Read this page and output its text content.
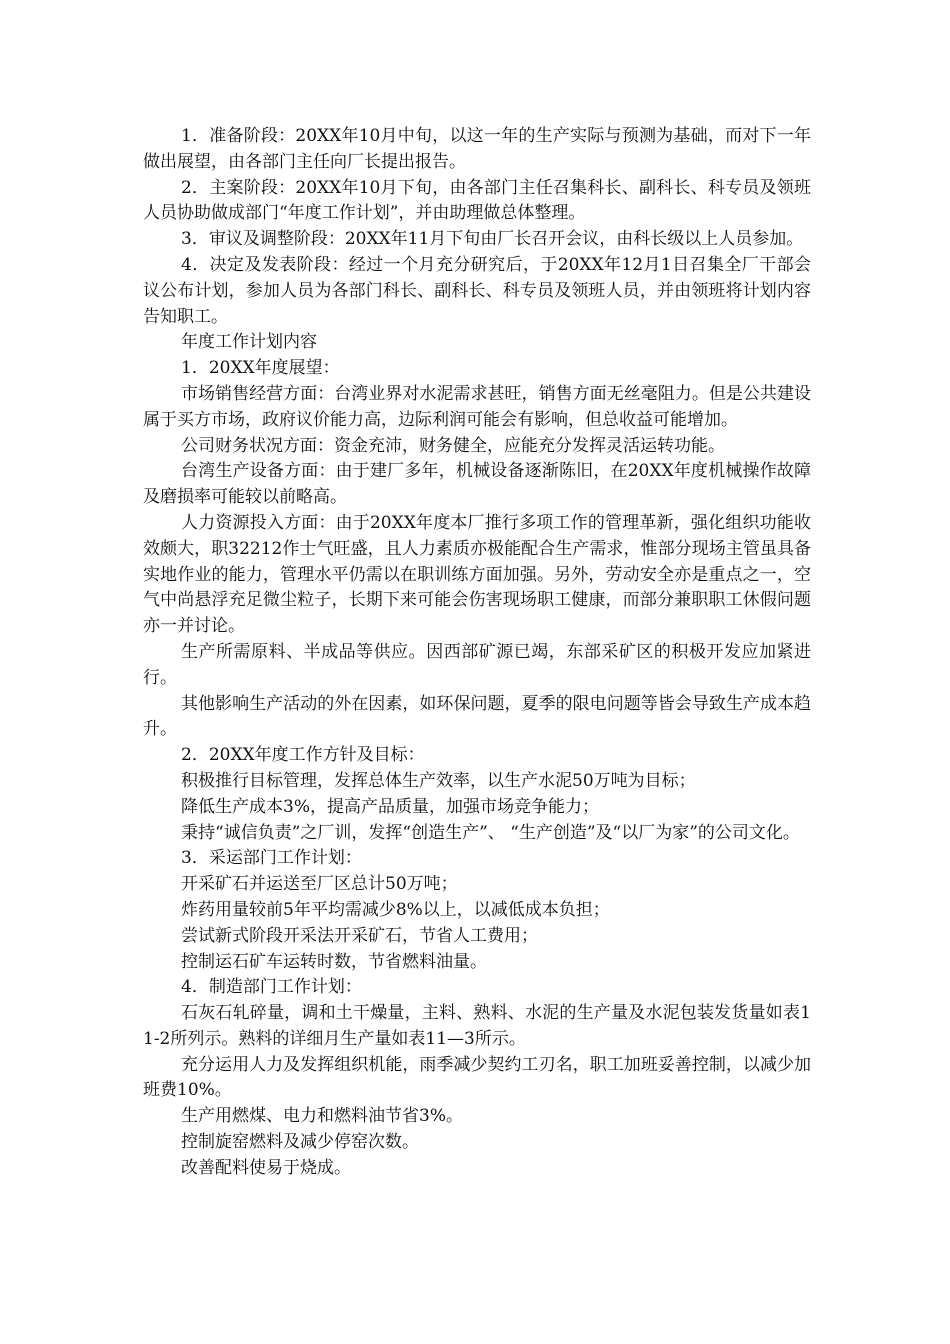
1．准备阶段：20XX年10月中旬，以这一年的生产实际与预测为基础，而对下一年做出展望，由各部门主任向厂长提出报告。

2．主案阶段：20XX年10月下旬，由各部门主任召集科长、副科长、科专员及领班人员协助做成部门“年度工作计划”，并由助理做总体整理。

3．审议及调整阶段：20XX年11月下旬由厂长召开会议，由科长级以上人员参加。

4．决定及发表阶段：经过一个月充分研究后，于20XX年12月1日召集全厂干部会议公布计划，参加人员为各部门科长、副科长、科专员及领班人员，并由领班将计划内容告知职工。

年度工作计划内容

1．20XX年度展望：

市场销售经营方面：台湾业界对水泥需求甚旺，销售方面无丝毫阻力。但是公共建设属于买方市场，政府议价能力高，边际利润可能会有影响，但总收益可能增加。

公司财务状况方面：资金充沛，财务健全，应能充分发挥灵活运转功能。

台湾生产设备方面：由于建厂多年，机械设备逐渐陈旧，在20XX年度机械操作故障及磨损率可能较以前略高。

人力资源投入方面：由于20XX年度本厂推行多项工作的管理革新，强化组织功能收效颇大，职32212作士气旺盛，且人力素质亦极能配合生产需求，惟部分现场主管虽具备实地作业的能力，管理水平仍需以在职训练方面加强。另外，劳动安全亦是重点之一，空气中尚悬浮充足微尘粒子，长期下来可能会伤害现场职工健康，而部分兼职职工休假问题亦一并讨论。

生产所需原料、半成品等供应。因西部矿源已竭，东部采矿区的积极开发应加紧进行。

其他影响生产活动的外在因素，如环保问题，夏季的限电问题等皆会导致生产成本趋升。

2．20XX年度工作方针及目标：

积极推行目标管理，发挥总体生产效率，以生产水泥50万吨为目标；

降低生产成本3%，提高产品质量，加强市场竞争能力；

秉持“诚信负责”之厂训，发挥“创造生产”、 “生产创造”及“以厂为家”的公司文化。

3．采运部门工作计划：

开采矿石并运送至厂区总计50万吨；

炸药用量较前5年平均需减少8%以上，以减低成本负担；

尝试新式阶段开采法开采矿石，节省人工费用；

控制运石矿车运转时数，节省燃料油量。

4．制造部门工作计划：

石灰石轧碎量，调和土干燥量，主料、熟料、水泥的生产量及水泥包装发货量如表11-2所列示。熟料的详细月生产量如表11—3所示。

充分运用人力及发挥组织机能，雨季减少契约工刃名，职工加班妥善控制，以减少加班费10%。

生产用燃煤、电力和燃料油节省3%。

控制旋窑燃料及减少停窑次数。

改善配料使易于烧成。
